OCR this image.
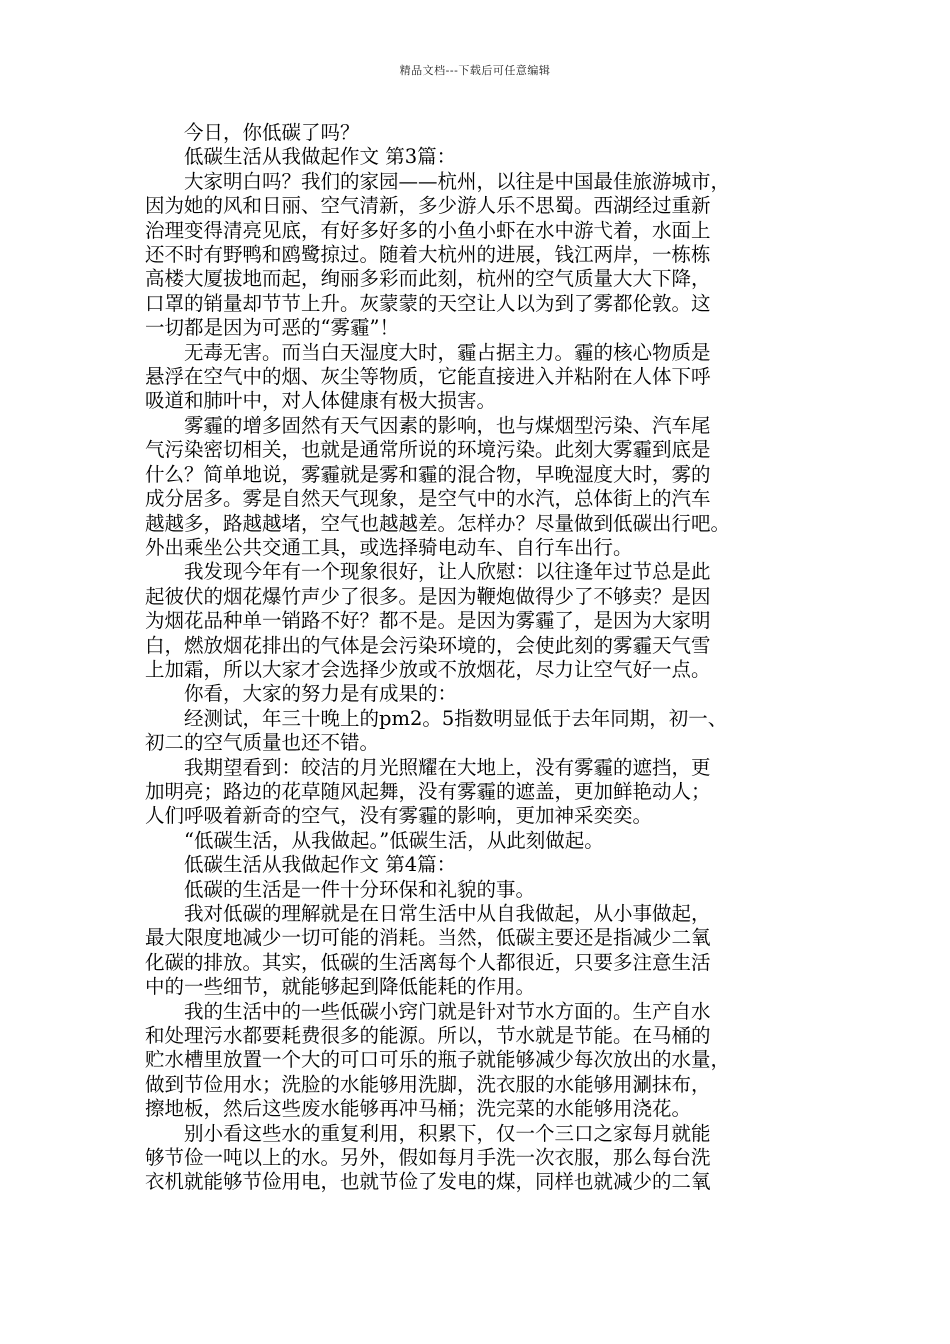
精品文档---下载后可任意编辑
今日，你低碳了吗？
低碳生活从我做起作文 第3篇：
大家明白吗？我们的家园——杭州，以往是中国最佳旅游城市，
因为她的风和日丽、空气清新，多少游人乐不思蜀。西湖经过重新
治理变得清亮见底，有好多好多的小鱼小虾在水中游弋着，水面上
还不时有野鸭和鸥鹭掠过。随着大杭州的进展，钱江两岸，一栋栋
高楼大厦拔地而起，绚丽多彩而此刻，杭州的空气质量大大下降，
口罩的销量却节节上升。灰蒙蒙的天空让人以为到了雾都伦敦。这
一切都是因为可恶的“雾霾”！
无毒无害。而当白天湿度大时，霾占据主力。霾的核心物质是
悬浮在空气中的烟、灰尘等物质，它能直接进入并粘附在人体下呼
吸道和肺叶中，对人体健康有极大损害。
雾霾的增多固然有天气因素的影响，也与煤烟型污染、汽车尾
气污染密切相关，也就是通常所说的环境污染。此刻大雾霾到底是
什么？简单地说，雾霾就是雾和霾的混合物，早晚湿度大时，雾的
成分居多。雾是自然天气现象，是空气中的水汽，总体街上的汽车
越越多，路越越堵，空气也越越差。怎样办？尽量做到低碳出行吧。
外出乘坐公共交通工具，或选择骑电动车、自行车出行。
我发现今年有一个现象很好，让人欣慰：以往逢年过节总是此
起彼伏的烟花爆竹声少了很多。是因为鞭炮做得少了不够卖？是因
为烟花品种单一销路不好？都不是。是因为雾霾了，是因为大家明
白，燃放烟花排出的气体是会污染环境的，会使此刻的雾霾天气雪
上加霜，所以大家才会选择少放或不放烟花，尽力让空气好一点。
你看，大家的努力是有成果的：
经测试，年三十晚上的pm2。5指数明显低于去年同期，初一、
初二的空气质量也还不错。
我期望看到：皎洁的月光照耀在大地上，没有雾霾的遮挡，更
加明亮；路边的花草随风起舞，没有雾霾的遮盖，更加鲜艳动人；
人们呼吸着新奇的空气，没有雾霾的影响，更加神采奕奕。
“低碳生活，从我做起。”低碳生活，从此刻做起。
低碳生活从我做起作文 第4篇：
低碳的生活是一件十分环保和礼貌的事。
我对低碳的理解就是在日常生活中从自我做起，从小事做起，
最大限度地减少一切可能的消耗。当然，低碳主要还是指减少二氧
化碳的排放。其实，低碳的生活离每个人都很近，只要多注意生活
中的一些细节，就能够起到降低能耗的作用。
我的生活中的一些低碳小窍门就是针对节水方面的。生产自水
和处理污水都要耗费很多的能源。所以，节水就是节能。在马桶的
贮水槽里放置一个大的可口可乐的瓶子就能够减少每次放出的水量，
做到节俭用水；洗脸的水能够用洗脚，洗衣服的水能够用涮抹布，
擦地板，然后这些废水能够再冲马桶；洗完菜的水能够用浇花。
别小看这些水的重复利用，积累下，仅一个三口之家每月就能
够节俭一吨以上的水。另外，假如每月手洗一次衣服，那么每台洗
衣机就能够节俭用电，也就节俭了发电的煤，同样也就减少的二氧
